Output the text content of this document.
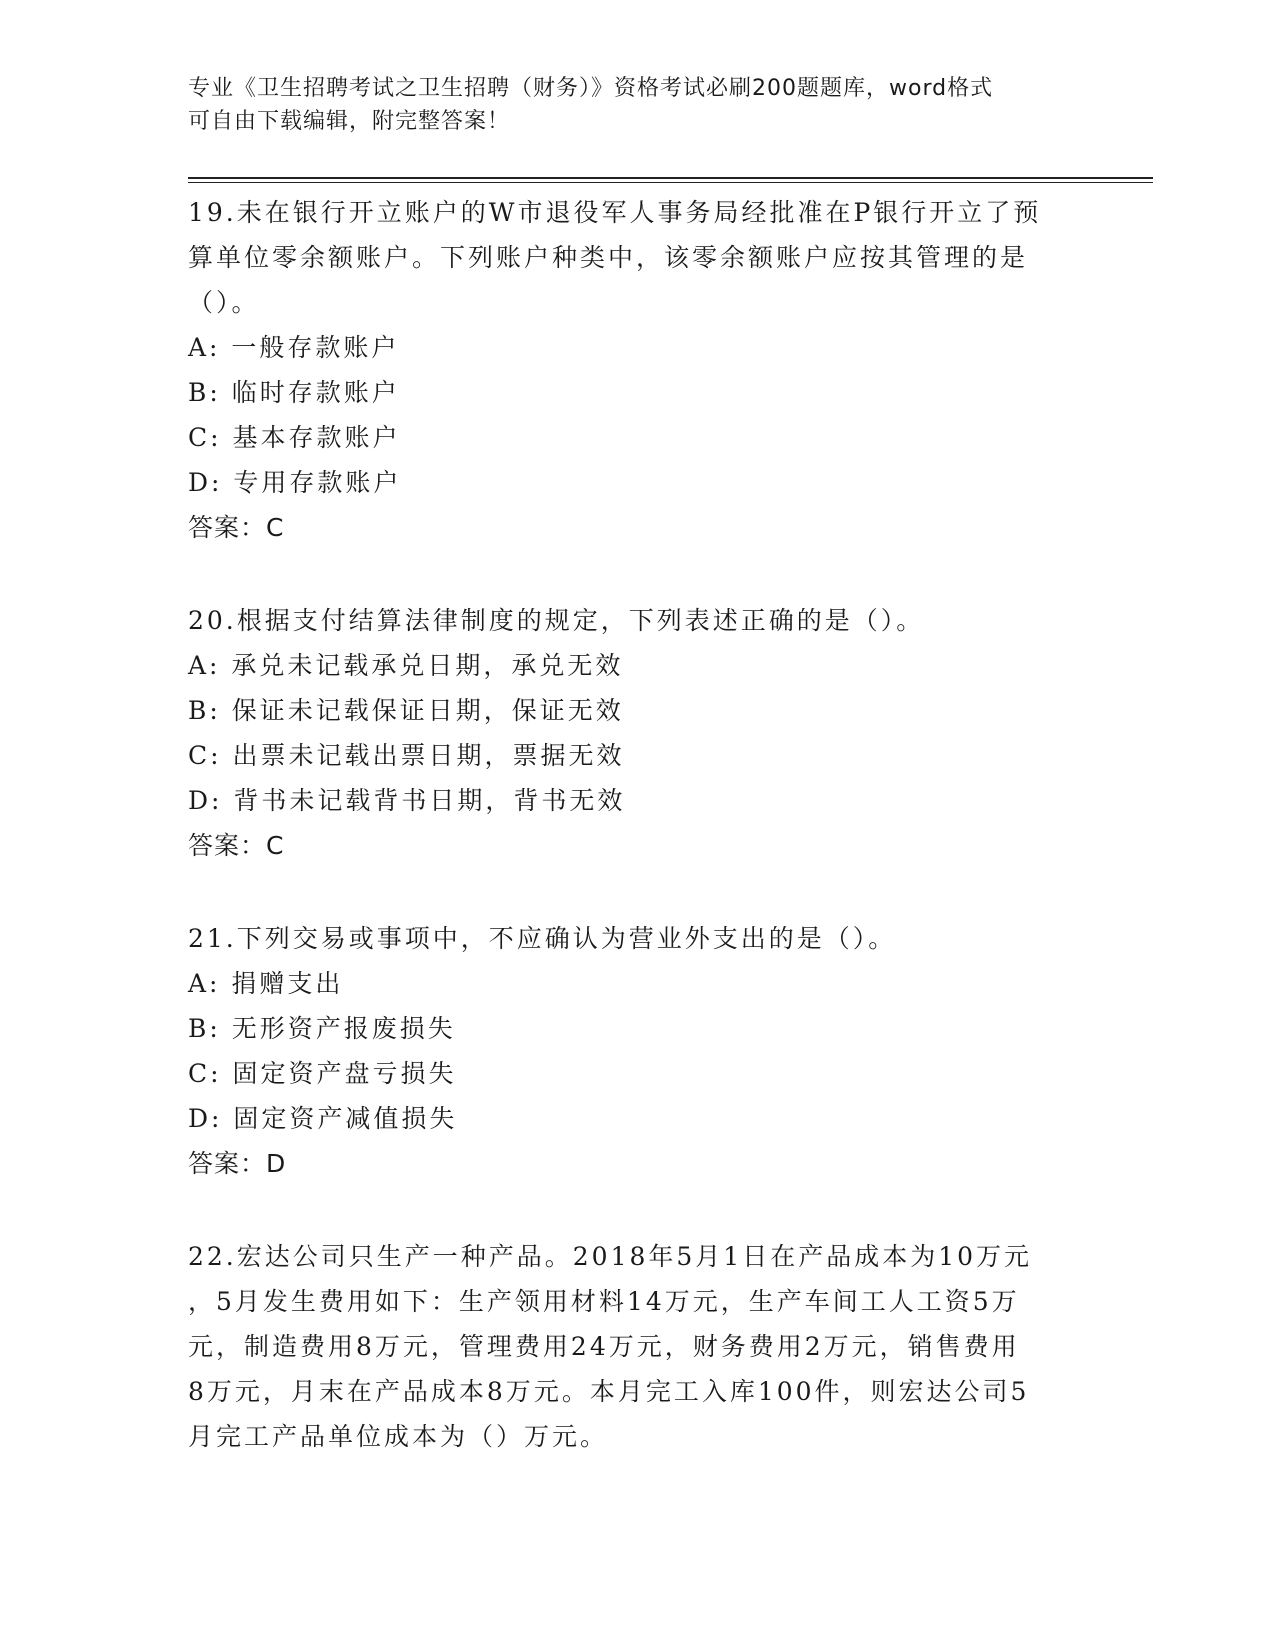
专业《卫生招聘考试之卫生招聘（财务）》资格考试必刷200题题库，word格式
可自由下载编辑，附完整答案！
19.未在银行开立账户的W市退役军人事务局经批准在P银行开立了预
算单位零余额账户。下列账户种类中，该零余额账户应按其管理的是
（）。
A: 一般存款账户
B: 临时存款账户
C: 基本存款账户
D: 专用存款账户
答案：C
20.根据支付结算法律制度的规定，下列表述正确的是（）。
A: 承兑未记载承兑日期，承兑无效
B: 保证未记载保证日期，保证无效
C: 出票未记载出票日期，票据无效
D: 背书未记载背书日期，背书无效
答案：C
21.下列交易或事项中，不应确认为营业外支出的是（）。
A: 捐赠支出
B: 无形资产报废损失
C: 固定资产盘亏损失
D: 固定资产减值损失
答案：D
22.宏达公司只生产一种产品。2018年5月1日在产品成本为10万元
，5月发生费用如下：生产领用材料14万元，生产车间工人工资5万
元，制造费用8万元，管理费用24万元，财务费用2万元，销售费用
8万元，月末在产品成本8万元。本月完工入库100件，则宏达公司5
月完工产品单位成本为（）万元。
